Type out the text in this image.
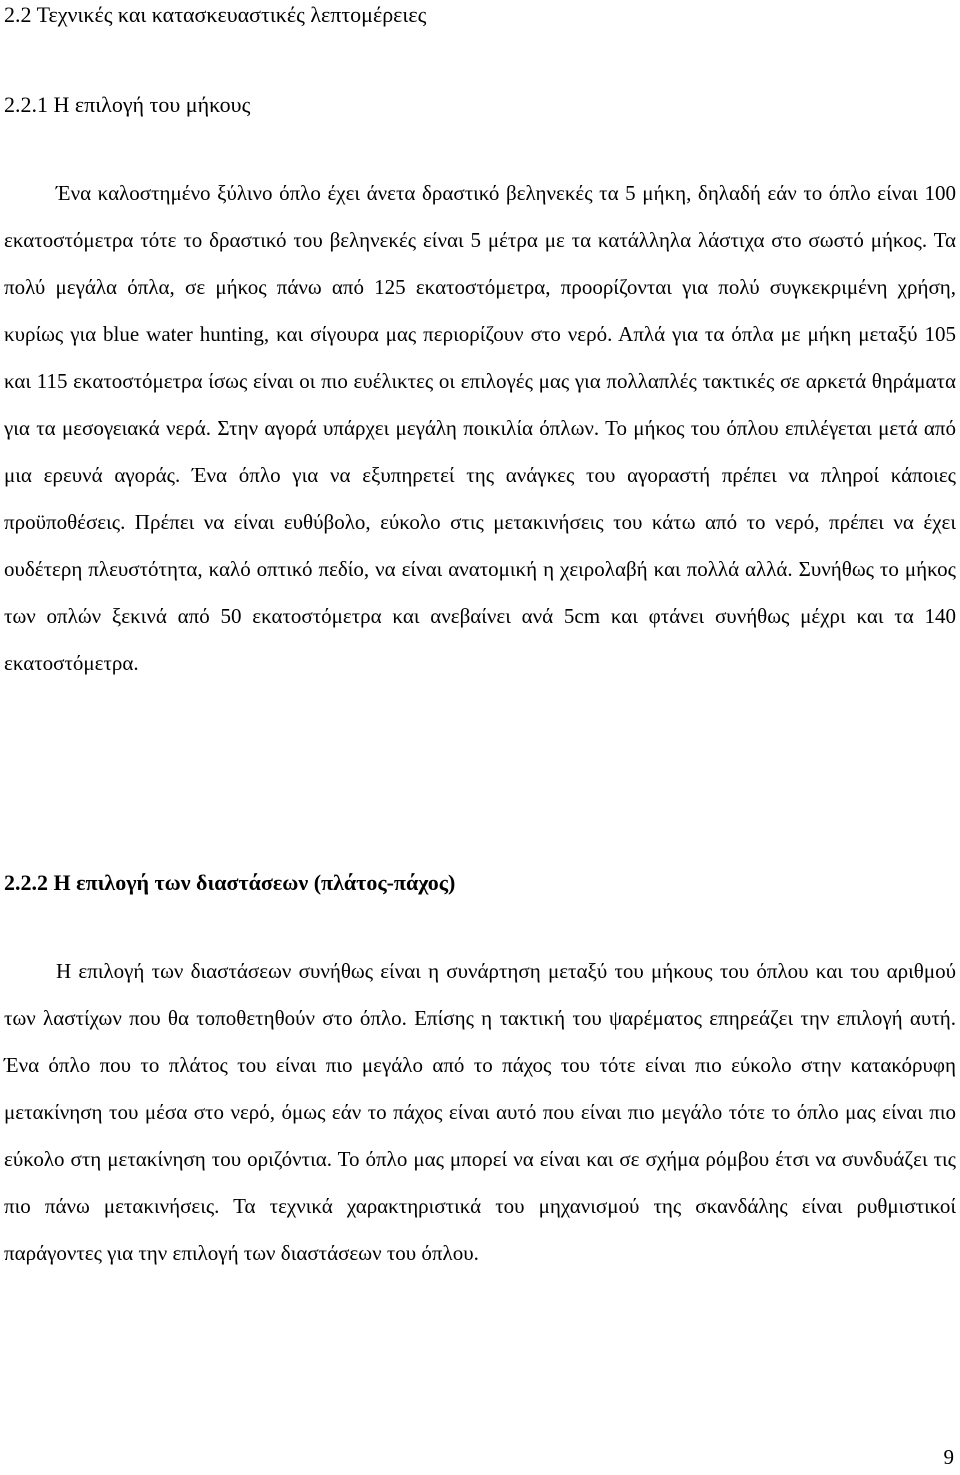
2.2 Τεχνικές και κατασκευαστικές λεπτομέρειες
2.2.1 Η επιλογή του μήκους

Ένα καλοστημένο ξύλινο όπλο έχει άνετα δραστικό βεληνεκές τα 5 μήκη, δηλαδή εάν το όπλο είναι 100 εκατοστόμετρα τότε το δραστικό του βεληνεκές είναι 5 μέτρα με τα κατάλληλα λάστιχα στο σωστό μήκος. Τα πολύ μεγάλα όπλα, σε μήκος πάνω από 125 εκατοστόμετρα, προορίζονται για πολύ συγκεκριμένη χρήση, κυρίως για blue water hunting, και σίγουρα μας περιορίζουν στο νερό. Απλά για τα όπλα με μήκη μεταξύ 105 και 115 εκατοστόμετρα ίσως είναι οι πιο ευέλικτες οι επιλογές μας για πολλαπλές τακτικές σε αρκετά θηράματα για τα μεσογειακά νερά. Στην αγορά υπάρχει μεγάλη ποικιλία όπλων. Το μήκος του όπλου επιλέγεται μετά από μια ερευνά αγοράς. Ένα όπλο για να εξυπηρετεί της ανάγκες του αγοραστή πρέπει να πληροί κάποιες προϋποθέσεις. Πρέπει να είναι ευθύβολο, εύκολο στις μετακινήσεις του κάτω από το νερό, πρέπει να έχει ουδέτερη πλευστότητα, καλό οπτικό πεδίο, να είναι ανατομική η χειρολαβή και πολλά αλλά. Συνήθως το μήκος των οπλών ξεκινά από 50 εκατοστόμετρα και ανεβαίνει ανά 5cm και φτάνει συνήθως μέχρι και τα 140 εκατοστόμετρα.

2.2.2 Η επιλογή των διαστάσεων (πλάτος-πάχος)

Η επιλογή των διαστάσεων συνήθως είναι η συνάρτηση μεταξύ του μήκους του όπλου και του αριθμού των λαστίχων που θα τοποθετηθούν στο όπλο. Επίσης η τακτική του ψαρέματος επηρεάζει την επιλογή αυτή. Ένα όπλο που το πλάτος του είναι πιο μεγάλο από το πάχος του τότε είναι πιο εύκολο στην κατακόρυφη μετακίνηση του μέσα στο νερό, όμως εάν το πάχος είναι αυτό που είναι πιο μεγάλο τότε το όπλο μας είναι πιο εύκολο στη μετακίνηση του οριζόντια. Το όπλο μας μπορεί να είναι και σε σχήμα ρόμβου έτσι να συνδυάζει τις πιο πάνω μετακινήσεις. Τα τεχνικά χαρακτηριστικά του μηχανισμού της σκανδάλης είναι ρυθμιστικοί παράγοντες για την επιλογή των διαστάσεων του όπλου.

9
